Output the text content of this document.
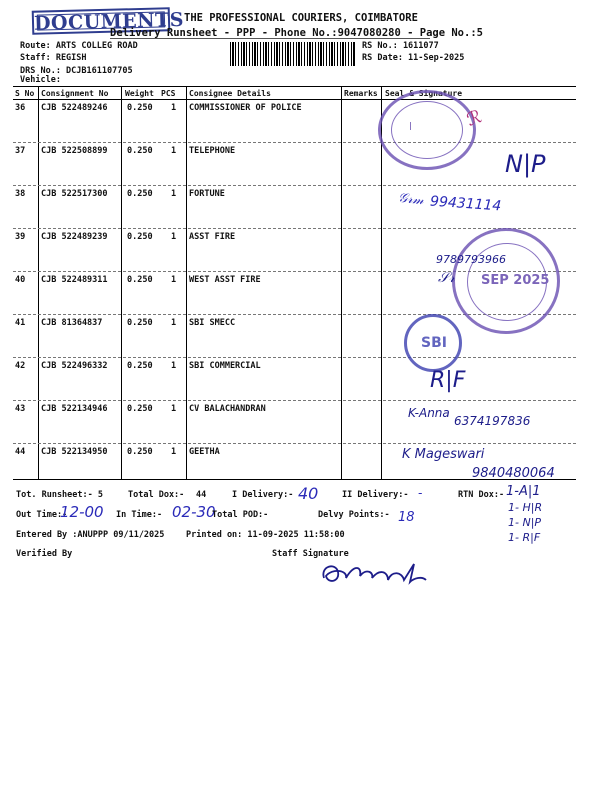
DOCUMENTS THE PROFESSIONAL COURIERS, COIMBATORE
Delivery Runsheet - PPP - Phone No.:9047080280 - Page No.:5
Route: ARTS COLLEG ROAD
Staff: REGISH
DRS No.: DCJB161107705
Vehicle:
RS No.: 1611077
RS Date: 11-Sep-2025
S No Consignment No Weight PCS Consignee Details	Remarks Seal & Signature
36 CJB 522489246 0.250 1 COMMISSIONER OF POLICE
37 CJB 522508899 0.250 1 TELEPHONE
38 CJB 522517300 0.250 1 FORTUNE
39 CJB 522489239 0.250 1 ASST FIRE
40 CJB 522489311 0.250 1 WEST ASST FIRE
41 CJB 81364837	0.250 1 SBI SMECC
42 CJB 522496332 0.250 1 SBI COMMERCIAL
43 CJB 522134946 0.250 1 CV BALACHANDRAN
44 CJB 522134950 0.250 1 GEETHA
|
SEP 2025
SBI
ℛ
N|P
𝒢𝓇𝓂 99431114
9789793966
𝒮𝓇
R|F
K-Anna
6374197836
K Mageswari
9840480064
Tot. Runsheet:- 5	Total Dox:- 44	I Delivery:- 40	II Delivery:- -	RTN Dox:- 1-A|1
1- H|R
1- N|P
1- R|F
Out Time:-
12-00 In Time:- 02-30
Total POD:-	Delvy Points:- 18
Entered By :ANUPPP 09/11/2025	Printed on: 11-09-2025 11:58:00
Verified By	Staff Signature
